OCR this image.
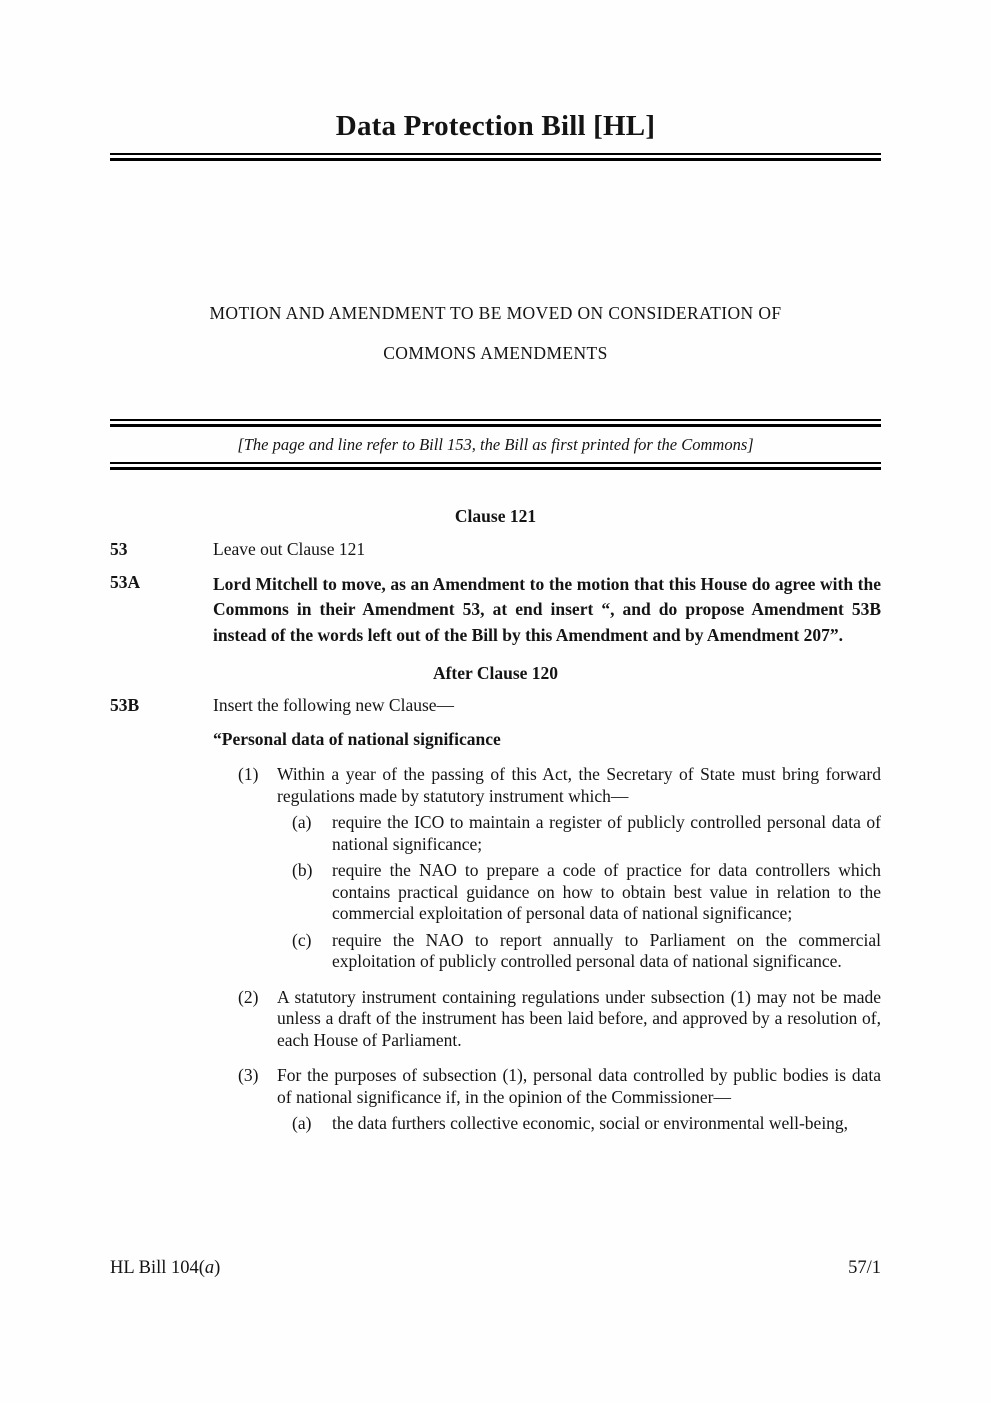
Data Protection Bill [HL]
MOTION AND AMENDMENT TO BE MOVED ON CONSIDERATION OF
COMMONS AMENDMENTS
[The page and line refer to Bill 153, the Bill as first printed for the Commons]
Clause 121
53	Leave out Clause 121
53A	Lord Mitchell to move, as an Amendment to the motion that this House do agree with the Commons in their Amendment 53, at end insert “, and do propose Amendment 53B instead of the words left out of the Bill by this Amendment and by Amendment 207”.
After Clause 120
53B	Insert the following new Clause—
“Personal data of national significance
(1)	Within a year of the passing of this Act, the Secretary of State must bring forward regulations made by statutory instrument which—
(a)	require the ICO to maintain a register of publicly controlled personal data of national significance;
(b)	require the NAO to prepare a code of practice for data controllers which contains practical guidance on how to obtain best value in relation to the commercial exploitation of personal data of national significance;
(c)	require the NAO to report annually to Parliament on the commercial exploitation of publicly controlled personal data of national significance.
(2)	A statutory instrument containing regulations under subsection (1) may not be made unless a draft of the instrument has been laid before, and approved by a resolution of, each House of Parliament.
(3)	For the purposes of subsection (1), personal data controlled by public bodies is data of national significance if, in the opinion of the Commissioner—
(a)	the data furthers collective economic, social or environmental well-being,
HL Bill 104(a)	57/1
